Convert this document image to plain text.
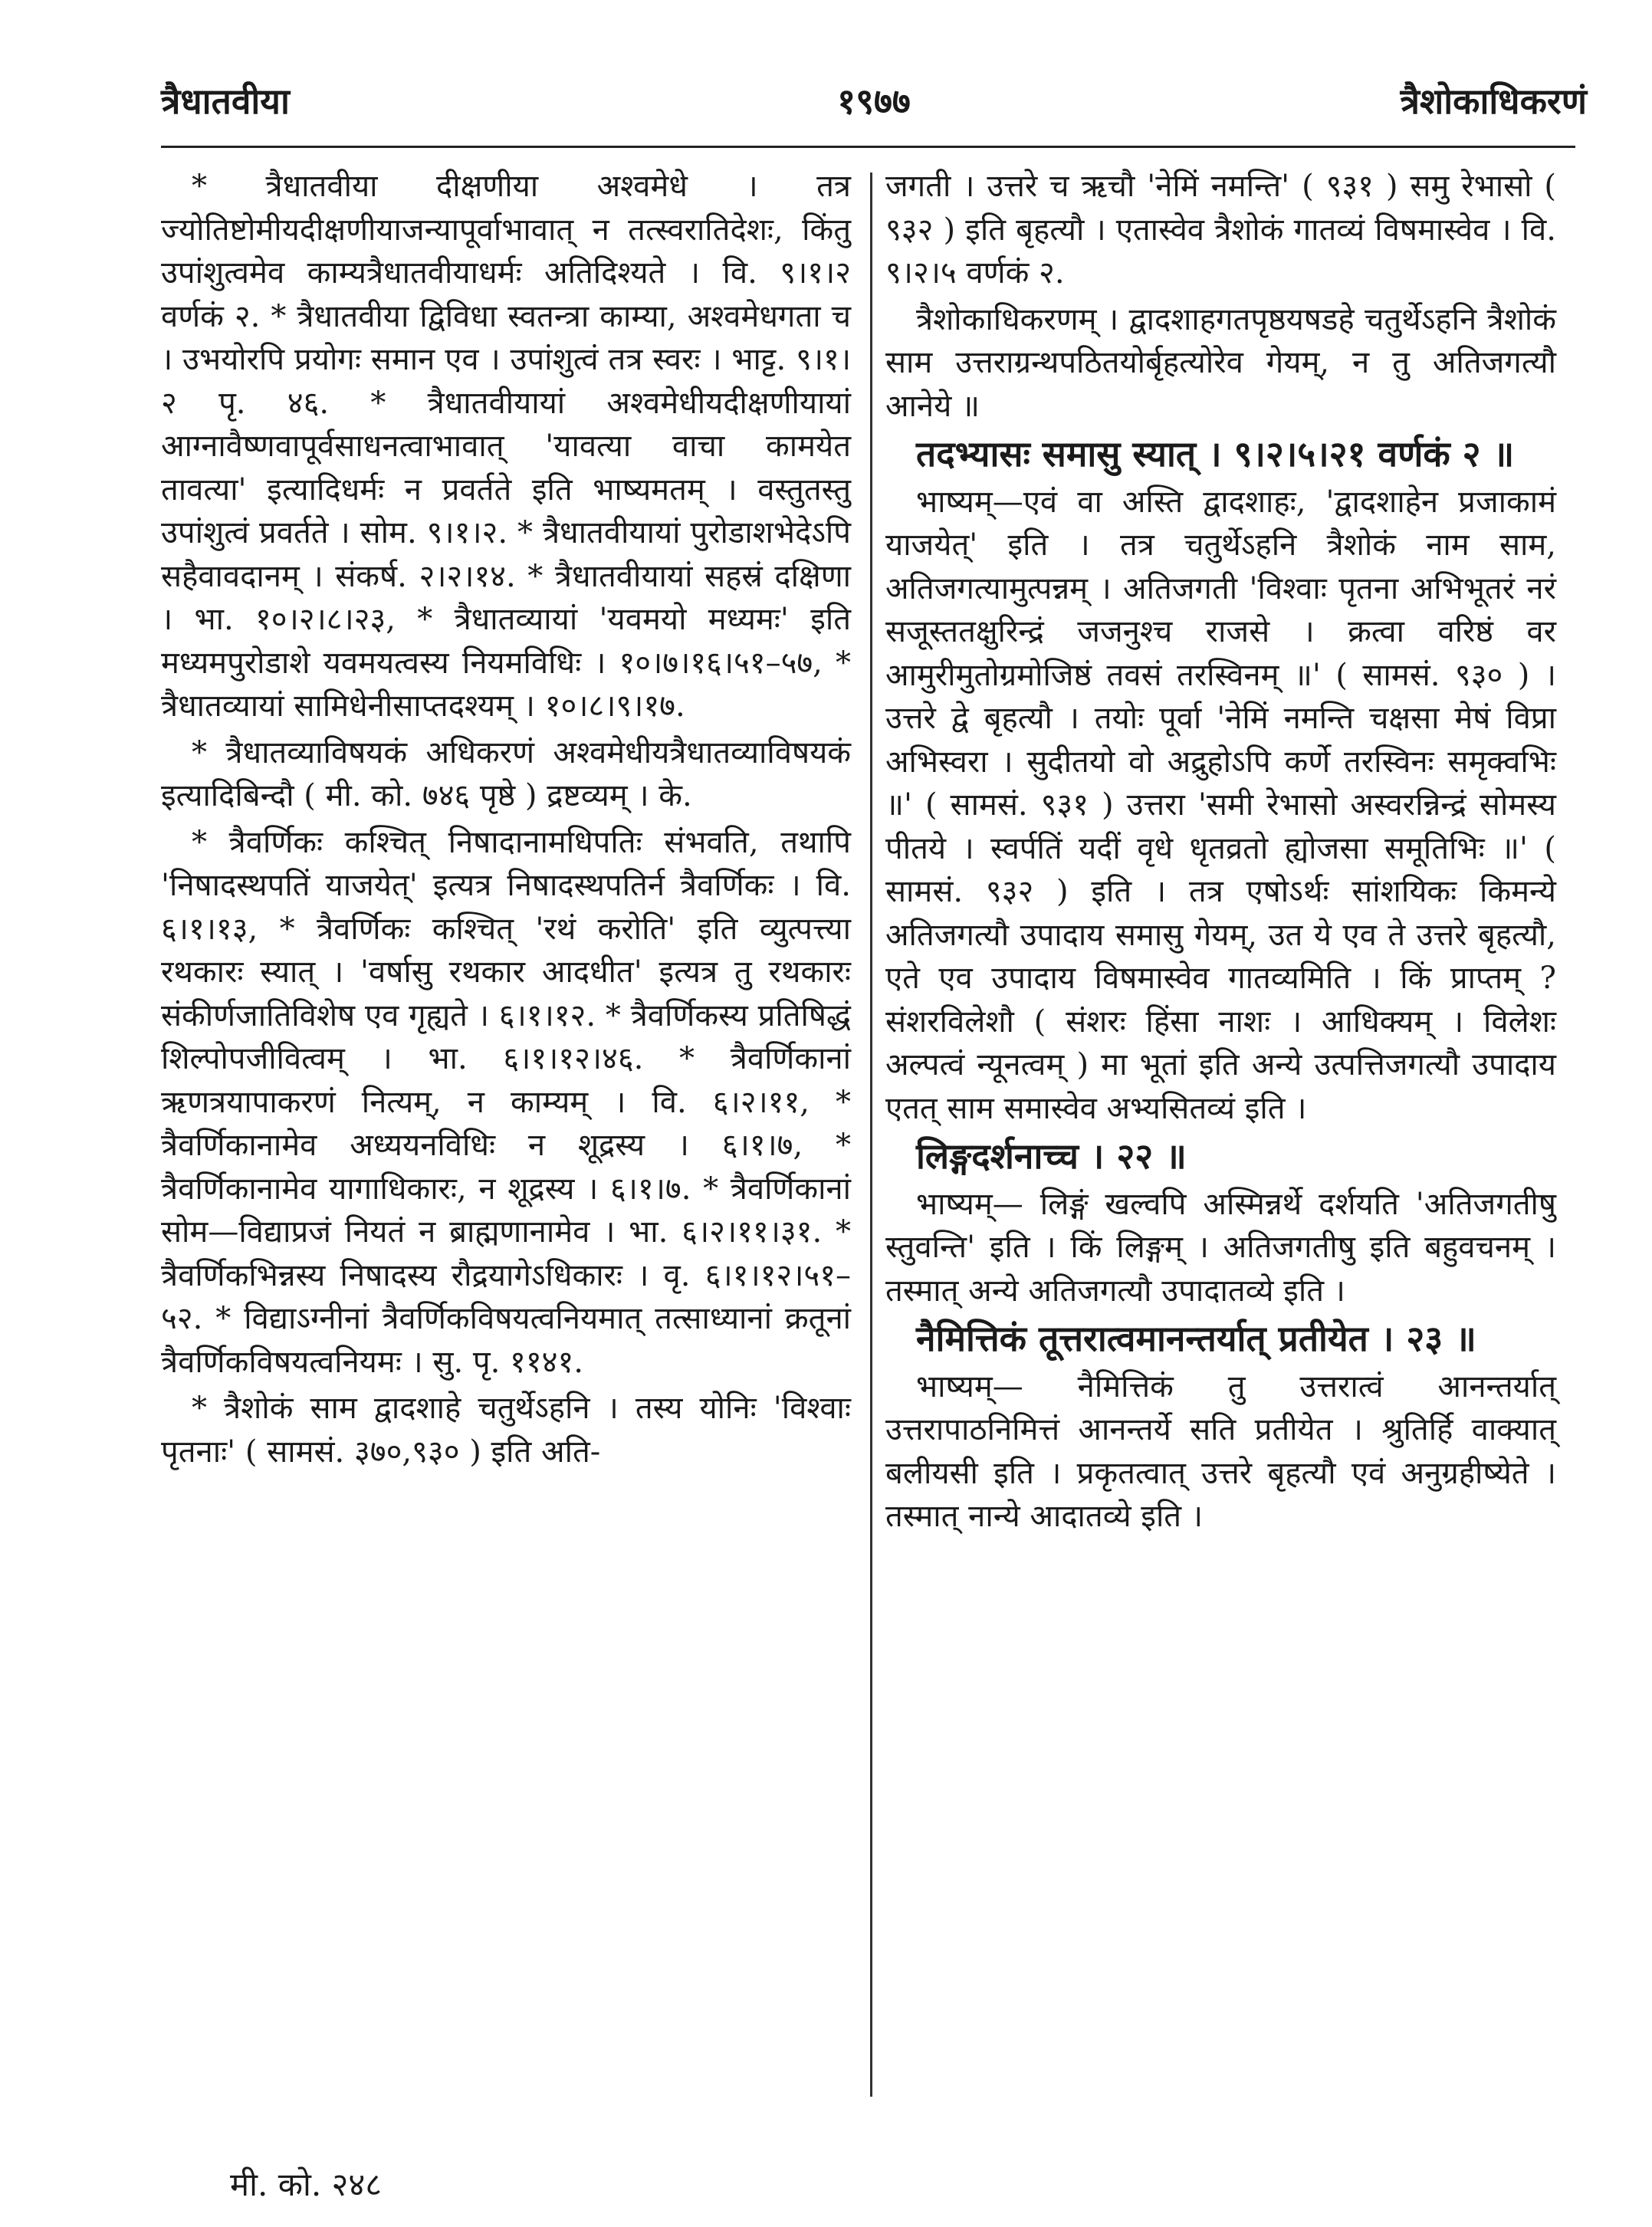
त्रैधातवीया	१९७७	त्रैशोकाधिकरणं

* त्रैधातवीया दीक्षणीया अश्वमेधे । तत्र ज्योतिष्टोमीयदीक्षणीयाजन्यापूर्वाभावात् न तत्स्वरातिदेशः, किंतु उपांशुत्वमेव काम्यत्रैधातवीयाधर्मः अतिदिश्यते । वि. ९।१।२ वर्णकं २. * त्रैधातवीया द्विविधा स्वतन्त्रा काम्या, अश्वमेधगता च । उभयोरपि प्रयोगः समान एव । उपांशुत्वं तत्र स्वरः । भाट्ट. ९।१।२ पृ. ४६. * त्रैधातवीयायां अश्वमेधीयदीक्षणीयायां आग्नावैष्णवापूर्वसाधनत्वाभावात् 'यावत्या वाचा कामयेत तावत्या' इत्यादिधर्मः न प्रवर्तते इति भाष्यमतम् । वस्तुतस्तु उपांशुत्वं प्रवर्तते । सोम. ९।१।२. * त्रैधातवीयायां पुरोडाशभेदेऽपि सहैवावदानम् । संकर्ष. २।२।१४. * त्रैधातवीयायां सहस्रं दक्षिणा । भा. १०।२।८।२३, * त्रैधातव्यायां 'यवमयो मध्यमः' इति मध्यमपुरोडाशे यवमयत्वस्य नियमविधिः । १०।७।१६।५१–५७, * त्रैधातव्यायां सामिधेनीसाप्तदश्यम् । १०।८।९।१७.

* त्रैधातव्याविषयकं अधिकरणं अश्वमेधीयत्रैधातव्याविषयकं इत्यादिबिन्दौ ( मी. को. ७४६ पृष्ठे ) द्रष्टव्यम् । के.

* त्रैवर्णिकः कश्चित् निषादानामधिपतिः संभवति, तथापि 'निषादस्थपतिं याजयेत्' इत्यत्र निषादस्थपतिर्न त्रैवर्णिकः । वि. ६।१।१३, * त्रैवर्णिकः कश्चित् 'रथं करोति' इति व्युत्पत्त्या रथकारः स्यात् । 'वर्षासु रथकार आदधीत' इत्यत्र तु रथकारः संकीर्णजातिविशेष एव गृह्यते । ६।१।१२. * त्रैवर्णिकस्य प्रतिषिद्धं शिल्पोपजीवित्वम् । भा. ६।१।१२।४६. * त्रैवर्णिकानां ऋणत्रयापाकरणं नित्यम्, न काम्यम् । वि. ६।२।११, * त्रैवर्णिकानामेव अध्ययनविधिः न शूद्रस्य । ६।१।७, * त्रैवर्णिकानामेव यागाधिकारः, न शूद्रस्य । ६।१।७. * त्रैवर्णिकानां सोम—विद्याप्रजं नियतं न ब्राह्मणानामेव । भा. ६।२।११।३१. * त्रैवर्णिकभिन्नस्य निषादस्य रौद्रयागेऽधिकारः । वृ. ६।१।१२।५१–५२. * विद्याऽग्नीनां त्रैवर्णिकविषयत्वनियमात् तत्साध्यानां क्रतूनां त्रैवर्णिकविषयत्वनियमः । सु. पृ. ११४१.

* त्रैशोकं साम द्वादशाहे चतुर्थेऽहनि । तस्य योनिः 'विश्वाः पृतनाः' ( सामसं. ३७०,९३० ) इति अति-

जगती । उत्तरे च ऋचौ 'नेमिं नमन्ति' ( ९३१ ) समु रेभासो ( ९३२ ) इति बृहत्यौ । एतास्वेव त्रैशोकं गातव्यं विषमास्वेव । वि. ९।२।५ वर्णकं २.

त्रैशोकाधिकरणम् । द्वादशाहगतपृष्ठयषडहे चतुर्थेऽहनि त्रैशोकं साम उत्तराग्रन्थपठितयोर्बृहत्योरेव गेयम्, न तु अतिजगत्यौ आनेये ॥

तदभ्यासः समासु स्यात् । ९।२।५।२१ वर्णकं २ ॥

भाष्यम्—एवं वा अस्ति द्वादशाहः, 'द्वादशाहेन प्रजाकामं याजयेत्' इति । तत्र चतुर्थेऽहनि त्रैशोकं नाम साम, अतिजगत्यामुत्पन्नम् । अतिजगती 'विश्वाः पृतना अभिभूतरं नरं सजूस्ततक्षुरिन्द्रं जजनुश्च राजसे । क्रत्वा वरिष्ठं वर आमुरीमुतोग्रमोजिष्ठं तवसं तरस्विनम् ॥' ( सामसं. ९३० ) । उत्तरे द्वे बृहत्यौ । तयोः पूर्वा 'नेमिं नमन्ति चक्षसा मेषं विप्रा अभिस्वरा । सुदीतयो वो अद्रुहोऽपि कर्णे तरस्विनः समृक्वभिः ॥' ( सामसं. ९३१ ) उत्तरा 'समी रेभासो अस्वरन्निन्द्रं सोमस्य पीतये । स्वर्पतिं यदीं वृधे धृतव्रतो ह्योजसा समूतिभिः ॥' ( सामसं. ९३२ ) इति । तत्र एषोऽर्थः सांशयिकः किमन्ये अतिजगत्यौ उपादाय समासु गेयम्, उत ये एव ते उत्तरे बृहत्यौ, एते एव उपादाय विषमास्वेव गातव्यमिति । किं प्राप्तम् ? संशरविलेशौ ( संशरः हिंसा नाशः । आधिक्यम् । विलेशः अल्पत्वं न्यूनत्वम् ) मा भूतां इति अन्ये उत्पत्तिजगत्यौ उपादाय एतत् साम समास्वेव अभ्यसितव्यं इति ।

लिङ्गदर्शनाच्च । २२ ॥

भाष्यम्— लिङ्गं खल्वपि अस्मिन्नर्थे दर्शयति 'अतिजगतीषु स्तुवन्ति' इति । किं लिङ्गम् । अतिजगतीषु इति बहुवचनम् । तस्मात् अन्ये अतिजगत्यौ उपादातव्ये इति ।

नैमित्तिकं तूत्तरात्वमानन्तर्यात् प्रतीयेत । २३ ॥

भाष्यम्— नैमित्तिकं तु उत्तरात्वं आनन्तर्यात् उत्तरापाठनिमित्तं आनन्तर्ये सति प्रतीयेत । श्रुतिर्हि वाक्यात् बलीयसी इति । प्रकृतत्वात् उत्तरे बृहत्यौ एवं अनुग्रहीष्येते । तस्मात् नान्ये आदातव्ये इति ।

मी. को. २४८
